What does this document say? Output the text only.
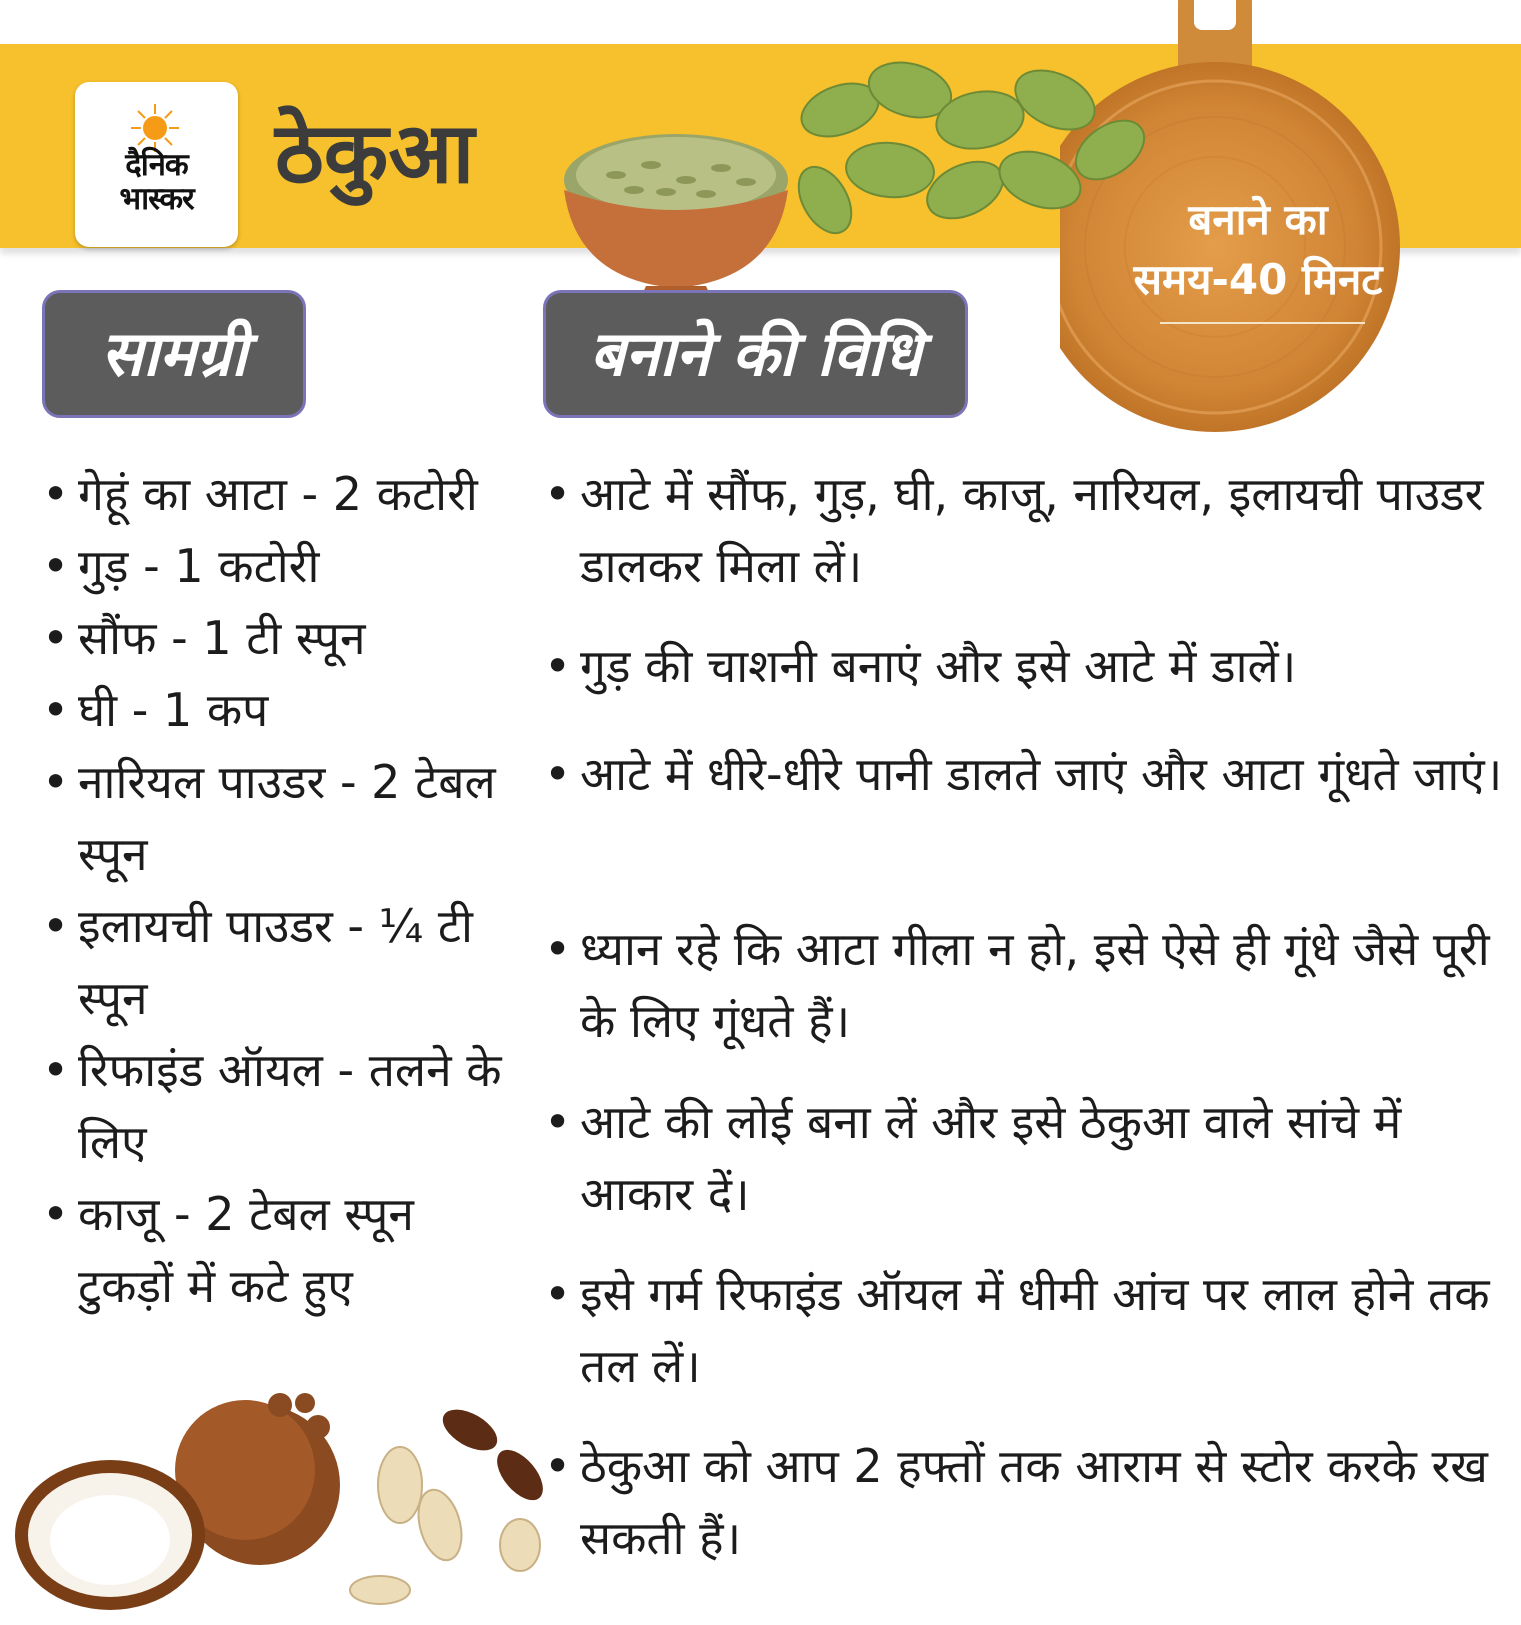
दैनिक
भास्कर ठेकुआ
बनाने का
समय-40 मिनट
सामग्री	बनाने की विधि
• गेहूं का आटा - 2 कटोरी
• गुड़ - 1 कटोरी
• सौंफ - 1 टी स्पून
• घी - 1 कप
• नारियल पाउडर - 2 टेबल स्पून
• इलायची पाउडर - ¼ टी स्पून
• रिफाइंड ऑयल - तलने के लिए
• काजू - 2 टेबल स्पून टुकड़ों में कटे हुए
• आटे में सौंफ, गुड़, घी, काजू, नारियल, इलायची पाउडर डालकर मिला लें।
• गुड़ की चाशनी बनाएं और इसे आटे में डालें।
• आटे में धीरे-धीरे पानी डालते जाएं और आटा गूंधते जाएं।
• ध्यान रहे कि आटा गीला न हो, इसे ऐसे ही गूंधे जैसे पूरी के लिए गूंधते हैं।
• आटे की लोई बना लें और इसे ठेकुआ वाले सांचे में आकार दें।
• इसे गर्म रिफाइंड ऑयल में धीमी आंच पर लाल होने तक तल लें।
• ठेकुआ को आप 2 हफ्तों तक आराम से स्टोर करके रख सकती हैं।
